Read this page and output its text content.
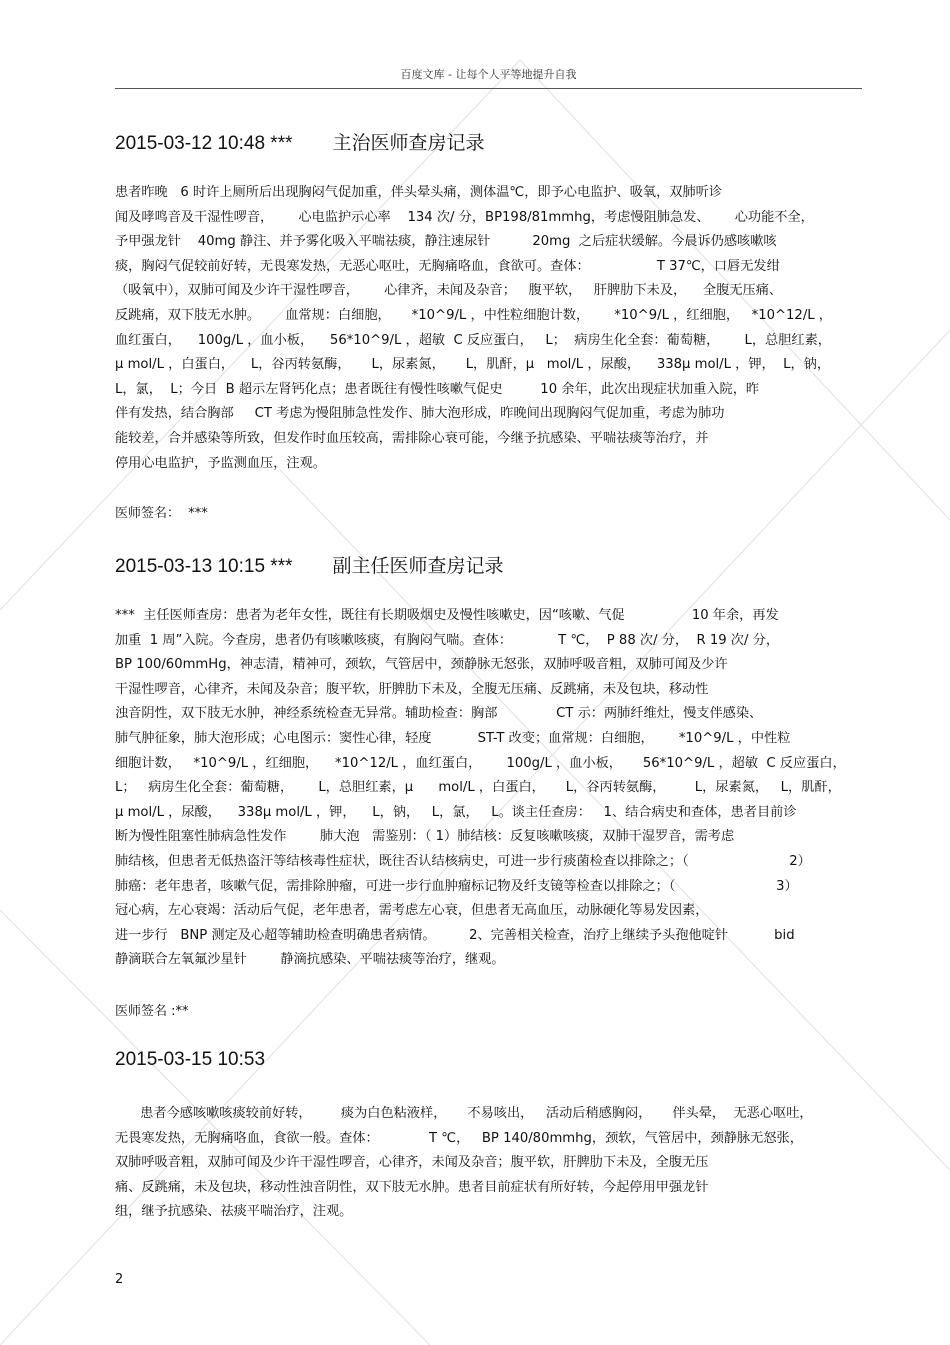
百度文库 - 让每个人平等地提升自我
2015-03-12 10:48 *** 主治医师查房记录
患者昨晚   6 时许上厕所后出现胸闷气促加重，伴头晕头痛，测体温℃，即予心电监护、吸氧，双肺听诊
闻及哮鸣音及干湿性啰音，      心电监护示心率    134 次/ 分，BP198/81mmhg，考虑慢阻肺急发、      心功能不全，
予甲强龙针    40mg 静注、并予雾化吸入平喘祛痰，静注速尿针          20mg  之后症状缓解。今晨诉仍感咳嗽咳
痰，胸闷气促较前好转，无畏寒发热，无恶心呕吐，无胸痛咯血，食欲可。查体：                T 37℃，口唇无发绀
（吸氧中），双肺可闻及少许干湿性啰音，      心律齐，未闻及杂音；   腹平软，   肝脾肋下未及，    全腹无压痛、
反跳痛，双下肢无水肿。      血常规：白细胞，     *10^9/L ，中性粒细胞计数，      *10^9/L ，红细胞，   *10^12/L ，
血红蛋白，    100g/L ，血小板，    56*10^9/L ，超敏  C 反应蛋白，   L；  病房生化全套：葡萄糖，      L，总胆红素，
μ mol/L ，白蛋白，    L，谷丙转氨酶，     L，尿素氮，     L，肌酐，μ   mol/L ，尿酸，    338μ mol/L ，钾，  L，钠，
L，氯，  L；今日  B 超示左肾钙化点；患者既往有慢性咳嗽气促史         10 余年，此次出现症状加重入院，昨
伴有发热，结合胸部     CT 考虑为慢阻肺急性发作、肺大泡形成，昨晚间出现胸闷气促加重，考虑为肺功
能较差，合并感染等所致，但发作时血压较高，需排除心衰可能，今继予抗感染、平喘祛痰等治疗，并
停用心电监护，予监测血压，注观。
医师签名：  ***
2015-03-13 10:15 *** 副主任医师查房记录
***  主任医师查房：患者为老年女性，既往有长期吸烟史及慢性咳嗽史，因“咳嗽、气促                10 年余，再发
加重  1 周”入院。今查房，患者仍有咳嗽咳痰，有胸闷气喘。查体：           T ℃，  P 88 次/ 分，  R 19 次/ 分，
BP 100/60mmHg，神志清，精神可，颈软，气管居中，颈静脉无怒张，双肺呼吸音粗，双肺可闻及少许
干湿性啰音，心律齐，未闻及杂音；腹平软，肝脾肋下未及，全腹无压痛、反跳痛，未及包块，移动性
浊音阴性，双下肢无水肿，神经系统检查无异常。辅助检查：胸部              CT 示：两肺纤维灶，慢支伴感染、
肺气肿征象，肺大泡形成；心电图示：窦性心律，轻度           ST-T 改变；血常规：白细胞，      *10^9/L ，中性粒
细胞计数，   *10^9/L ，红细胞，    *10^12/L ，血红蛋白，      100g/L ，血小板，     56*10^9/L ，超敏  C 反应蛋白，
L；   病房生化全套：葡萄糖，      L，总胆红素，μ      mol/L ，白蛋白，     L，谷丙转氨酶，       L，尿素氮，   L，肌酐，
μ mol/L ，尿酸，    338μ mol/L ，钾，    L，钠，   L，氯，   L。谈主任查房：   1、结合病史和查体，患者目前诊
断为慢性阻塞性肺病急性发作        肺大泡   需鉴别：（ 1）肺结核：反复咳嗽咳痰，双肺干湿罗音，需考虑
肺结核，但患者无低热盗汗等结核毒性症状，既往否认结核病史，可进一步行痰菌检查以排除之；（                        2）
肺癌：老年患者，咳嗽气促，需排除肿瘤，可进一步行血肿瘤标记物及纤支镜等检查以排除之；（                        3）
冠心病，左心衰竭：活动后气促，老年患者，需考虑左心衰，但患者无高血压，动脉硬化等易发因素，
进一步行   BNP 测定及心超等辅助检查明确患者病情。        2、完善相关检查，治疗上继续予头孢他啶针           bid
静滴联合左氧氟沙星针        静滴抗感染、平喘祛痰等治疗，继观。
医师签名 :**
2015-03-15 10:53
患者今感咳嗽咳痰较前好转，       痰为白色粘液样，     不易咳出，   活动后稍感胸闷，     伴头晕，  无恶心呕吐，
无畏寒发热，无胸痛咯血，食欲一般。查体：            T ℃，   BP 140/80mmhg，颈软，气管居中，颈静脉无怒张，
双肺呼吸音粗，双肺可闻及少许干湿性啰音，心律齐，未闻及杂音；腹平软，肝脾肋下未及，全腹无压
痛、反跳痛，未及包块，移动性浊音阴性，双下肢无水肿。患者目前症状有所好转，今起停用甲强龙针
组，继予抗感染、祛痰平喘治疗，注观。
2
